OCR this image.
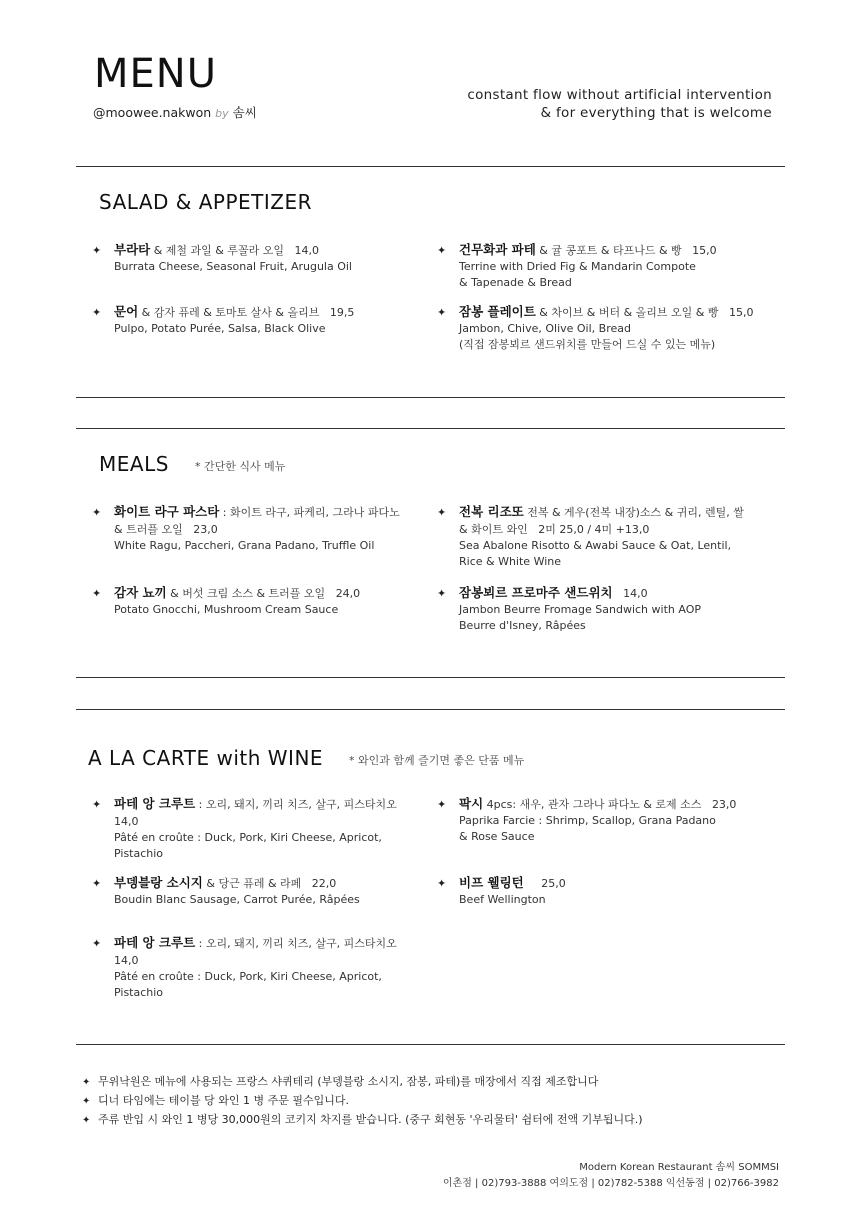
MENU
@moowee.nakwon by 솜씨
constant flow without artificial intervention
& for everything that is welcome
SALAD & APPETIZER
✦ 부라타 & 제철 과일 & 루꼴라 오일 14,0
Burrata Cheese, Seasonal Fruit, Arugula Oil
✦ 건무화과 파테 & 귤 콩포트 & 타프나드 & 빵 15,0
Terrine with Dried Fig & Mandarin Compote
& Tapenade & Bread
✦ 문어 & 감자 퓨레 & 토마토 살사 & 올리브 19,5
Pulpo, Potato Purée, Salsa, Black Olive
✦ 잠봉 플레이트 & 차이브 & 버터 & 올리브 오일 & 빵 15,0
Jambon, Chive, Olive Oil, Bread
(직접 잠봉뵈르 샌드위치를 만들어 드실 수 있는 메뉴)
MEALS * 간단한 식사 메뉴
✦ 화이트 라구 파스타 : 화이트 라구, 파케리, 그라나 파다노
& 트러플 오일 23,0
White Ragu, Paccheri, Grana Padano, Truffle Oil
✦ 전복 리조또 전복 & 게우(전복 내장)소스 & 귀리, 렌틸, 쌀
& 화이트 와인 2미 25,0 / 4미 +13,0
Sea Abalone Risotto & Awabi Sauce & Oat, Lentil,
Rice & White Wine
✦ 감자 뇨끼 & 버섯 크림 소스 & 트러플 오일 24,0
Potato Gnocchi, Mushroom Cream Sauce
✦ 잠봉뵈르 프로마주 샌드위치 14,0
Jambon Beurre Fromage Sandwich with AOP
Beurre d'Isney, Râpées
A LA CARTE with WINE * 와인과 함께 즐기면 좋은 단품 메뉴
✦ 파테 앙 크루트 : 오리, 돼지, 끼리 치즈, 살구, 피스타치오
14,0
Pâté en croûte : Duck, Pork, Kiri Cheese, Apricot,
Pistachio
✦ 팍시 4pcs: 새우, 관자 그라나 파다노 & 로제 소스 23,0
Paprika Farcie : Shrimp, Scallop, Grana Padano
& Rose Sauce
✦ 부뎅블랑 소시지 & 당근 퓨레 & 라페 22,0
Boudin Blanc Sausage, Carrot Purée, Râpées
✦ 비프 웰링턴 25,0
Beef Wellington
✦ 파테 앙 크루트 : 오리, 돼지, 끼리 치즈, 살구, 피스타치오
14,0
Pâté en croûte : Duck, Pork, Kiri Cheese, Apricot,
Pistachio
✦ 무위낙원은 메뉴에 사용되는 프랑스 샤퀴테리 (부뎅블랑 소시지, 잠봉, 파테)를 매장에서 직접 제조합니다
✦ 디너 타임에는 테이블 당 와인 1 병 주문 필수입니다.
✦ 주류 반입 시 와인 1 병당 30,000원의 코키지 차지를 받습니다. (중구 회현동 '우리물터' 쉼터에 전액 기부됩니다.)
Modern Korean Restaurant 솜씨 SOMMSI
이촌점 | 02)793-3888 여의도점 | 02)782-5388 익선동점 | 02)766-3982
